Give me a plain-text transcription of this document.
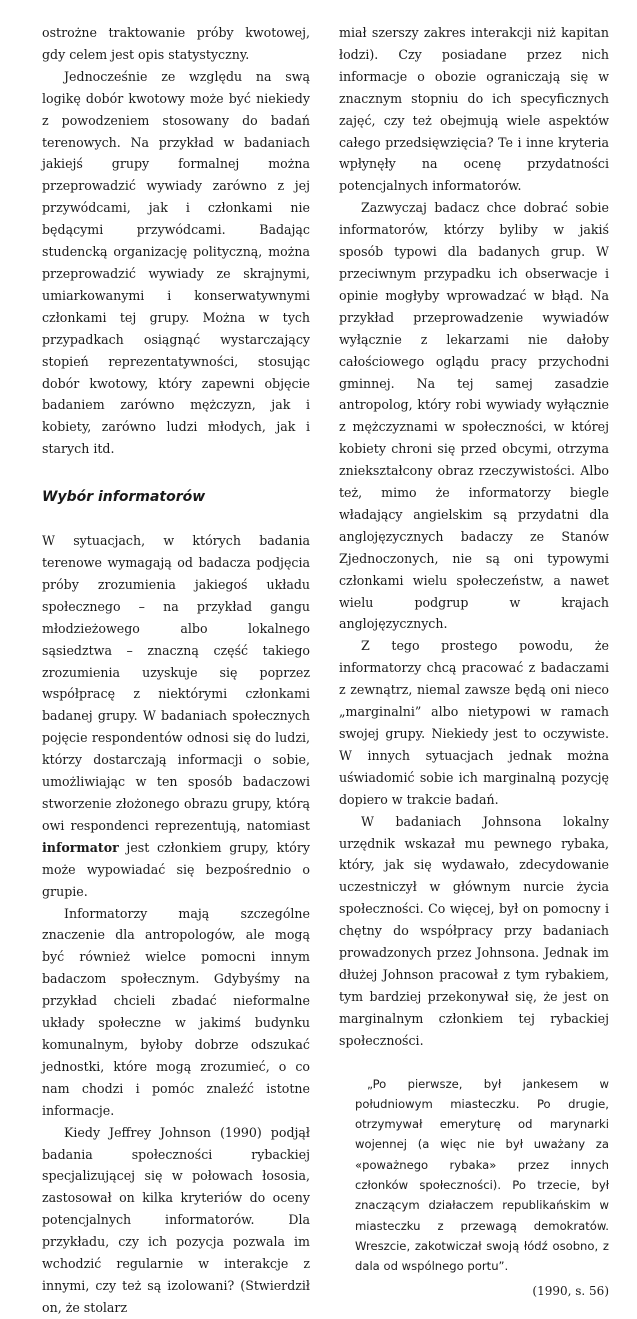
ostrożne traktowanie próby kwotowej, gdy celem jest opis statystyczny.

Jednocześnie ze względu na swą logikę dobór kwotowy może być niekiedy z powodzeniem stosowany do badań terenowych. Na przykład w badaniach jakiejś grupy formalnej można przeprowadzić wywiady zarówno z jej przywódcami, jak i członkami nie będącymi przywódcami. Badając studencką organizację polityczną, można przeprowadzić wywiady ze skrajnymi, umiarkowanymi i konserwatywnymi członkami tej grupy. Można w tych przypadkach osiągnąć wystarczający stopień reprezentatywności, stosując dobór kwotowy, który zapewni objęcie badaniem zarówno mężczyzn, jak i kobiety, zarówno ludzi młodych, jak i starych itd.

Wybór informatorów

W sytuacjach, w których badania terenowe wymagają od badacza podjęcia próby zrozumienia jakiegoś układu społecznego – na przykład gangu młodzieżowego albo lokalnego sąsiedztwa – znaczną część takiego zrozumienia uzyskuje się poprzez współpracę z niektórymi członkami badanej grupy. W badaniach społecznych pojęcie respondentów odnosi się do ludzi, którzy dostarczają informacji o sobie, umożliwiając w ten sposób badaczowi stworzenie złożonego obrazu grupy, którą owi respondenci reprezentują, natomiast informator jest członkiem grupy, który może wypowiadać się bezpośrednio o grupie.

Informatorzy mają szczególne znaczenie dla antropologów, ale mogą być również wielce pomocni innym badaczom społecznym. Gdybyśmy na przykład chcieli zbadać nieformalne układy społeczne w jakimś budynku komunalnym, byłoby dobrze odszukać jednostki, które mogą zrozumieć, o co nam chodzi i pomóc znaleźć istotne informacje.

Kiedy Jeffrey Johnson (1990) podjął badania społeczności rybackiej specjalizującej się w połowach łososia, zastosował on kilka kryteriów do oceny potencjalnych informatorów. Dla przykładu, czy ich pozycja pozwala im wchodzić regularnie w interakcje z innymi, czy też są izolowani? (Stwierdził on, że stolarz

miał szerszy zakres interakcji niż kapitan łodzi). Czy posiadane przez nich informacje o obozie ograniczają się w znacznym stopniu do ich specyficznych zajęć, czy też obejmują wiele aspektów całego przedsięwzięcia? Te i inne kryteria wpłynęły na ocenę przydatności potencjalnych informatorów.

Zazwyczaj badacz chce dobrać sobie informatorów, którzy byliby w jakiś sposób typowi dla badanych grup. W przeciwnym przypadku ich obserwacje i opinie mogłyby wprowadzać w błąd. Na przykład przeprowadzenie wywiadów wyłącznie z lekarzami nie dałoby całościowego oglądu pracy przychodni gminnej. Na tej samej zasadzie antropolog, który robi wywiady wyłącznie z mężczyznami w społeczności, w której kobiety chroni się przed obcymi, otrzyma zniekształcony obraz rzeczywistości. Albo też, mimo że informatorzy biegle władający angielskim są przydatni dla anglojęzycznych badaczy ze Stanów Zjednoczonych, nie są oni typowymi członkami wielu społeczeństw, a nawet wielu podgrup w krajach anglojęzycznych.

Z tego prostego powodu, że informatorzy chcą pracować z badaczami z zewnątrz, niemal zawsze będą oni nieco „marginalni” albo nietypowi w ramach swojej grupy. Niekiedy jest to oczywiste. W innych sytuacjach jednak można uświadomić sobie ich marginalną pozycję dopiero w trakcie badań.

W badaniach Johnsona lokalny urzędnik wskazał mu pewnego rybaka, który, jak się wydawało, zdecydowanie uczestniczył w głównym nurcie życia społeczności. Co więcej, był on pomocny i chętny do współpracy przy badaniach prowadzonych przez Johnsona. Jednak im dłużej Johnson pracował z tym rybakiem, tym bardziej przekonywał się, że jest on marginalnym członkiem tej rybackiej społeczności.

„Po pierwsze, był jankesem w południowym miasteczku. Po drugie, otrzymywał emeryturę od marynarki wojennej (a więc nie był uważany za «poważnego rybaka» przez innych członków społeczności). Po trzecie, był znaczącym działaczem republikańskim w miasteczku z przewagą demokratów. Wreszcie, zakotwiczał swoją łódź osobno, z dala od wspólnego portu”.

(1990, s. 56)
